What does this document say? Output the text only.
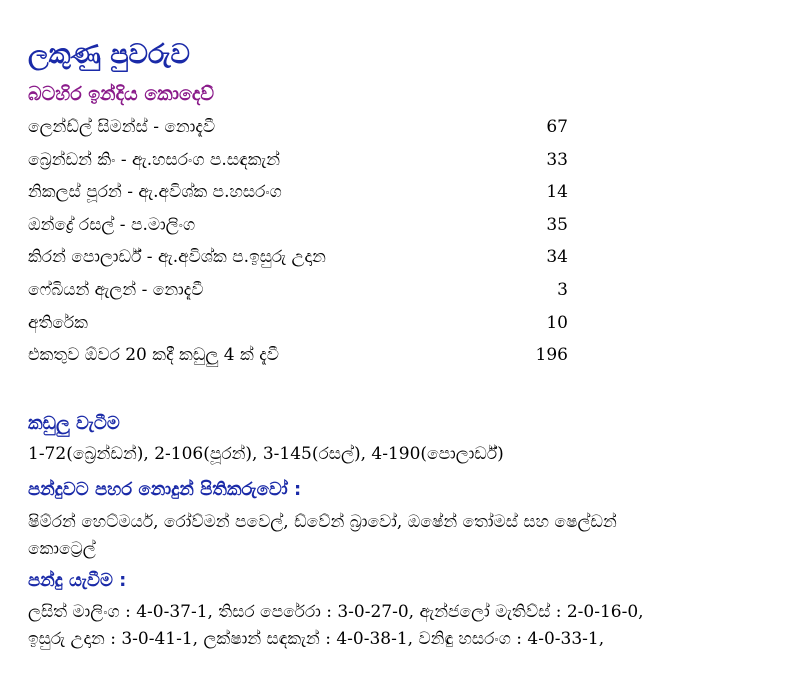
ලකුණු පුවරුව
බටහිර ඉන්දිය කොදෙව්
ලෙන්ඩ්ල් සිමන්ස් - නොදැවී	67
බ්‍රෙන්ඩන් කිං - ඇ.හසරංග ප.සඳකැන්	33
නිකලස් පූරන් - ඇ.අවිශ්ක ප.හසරංග	14
ඔන්ද්‍රේ රසල් - ප.මාලිංග	35
කිරන් පොලාර්ඩ් - ඇ.අවිශ්ක ප.ඉසුරු උදාන	34
ෆේබියන් ඇලන් - නොදැවී	3
අතිරේක	10
එකතුව ඕවර 20 කදී කඩුලු 4 ක් දැවී	196
කඩුලු වැටීම
1-72(බ්‍රෙන්ඩන්), 2-106(පූරන්), 3-145(රසල්), 4-190(පොලාර්ඩ්)
පන්දුවට පහර නොදුන් පිතිකරුවෝ :
ෂිම්රන් හෙට්මයර්, රෝව්මන් පවෙල්, ඩ්වේන් බ්‍රාවෝ, ඔෂේන් තෝමස් සහ ෂෙල්ඩන්
කොට්‍රෙල්
පන්දු යැවීම :
ලසිත් මාලිංග : 4-0-37-1, තිසර පෙරේරා : 3-0-27-0, ඇන්ජලෝ මැතිව්ස් : 2-0-16-0,
ඉසුරු උදාන : 3-0-41-1, ලක්ෂාන් සඳකැන් : 4-0-38-1, වනිඳු හසරංග : 4-0-33-1,
